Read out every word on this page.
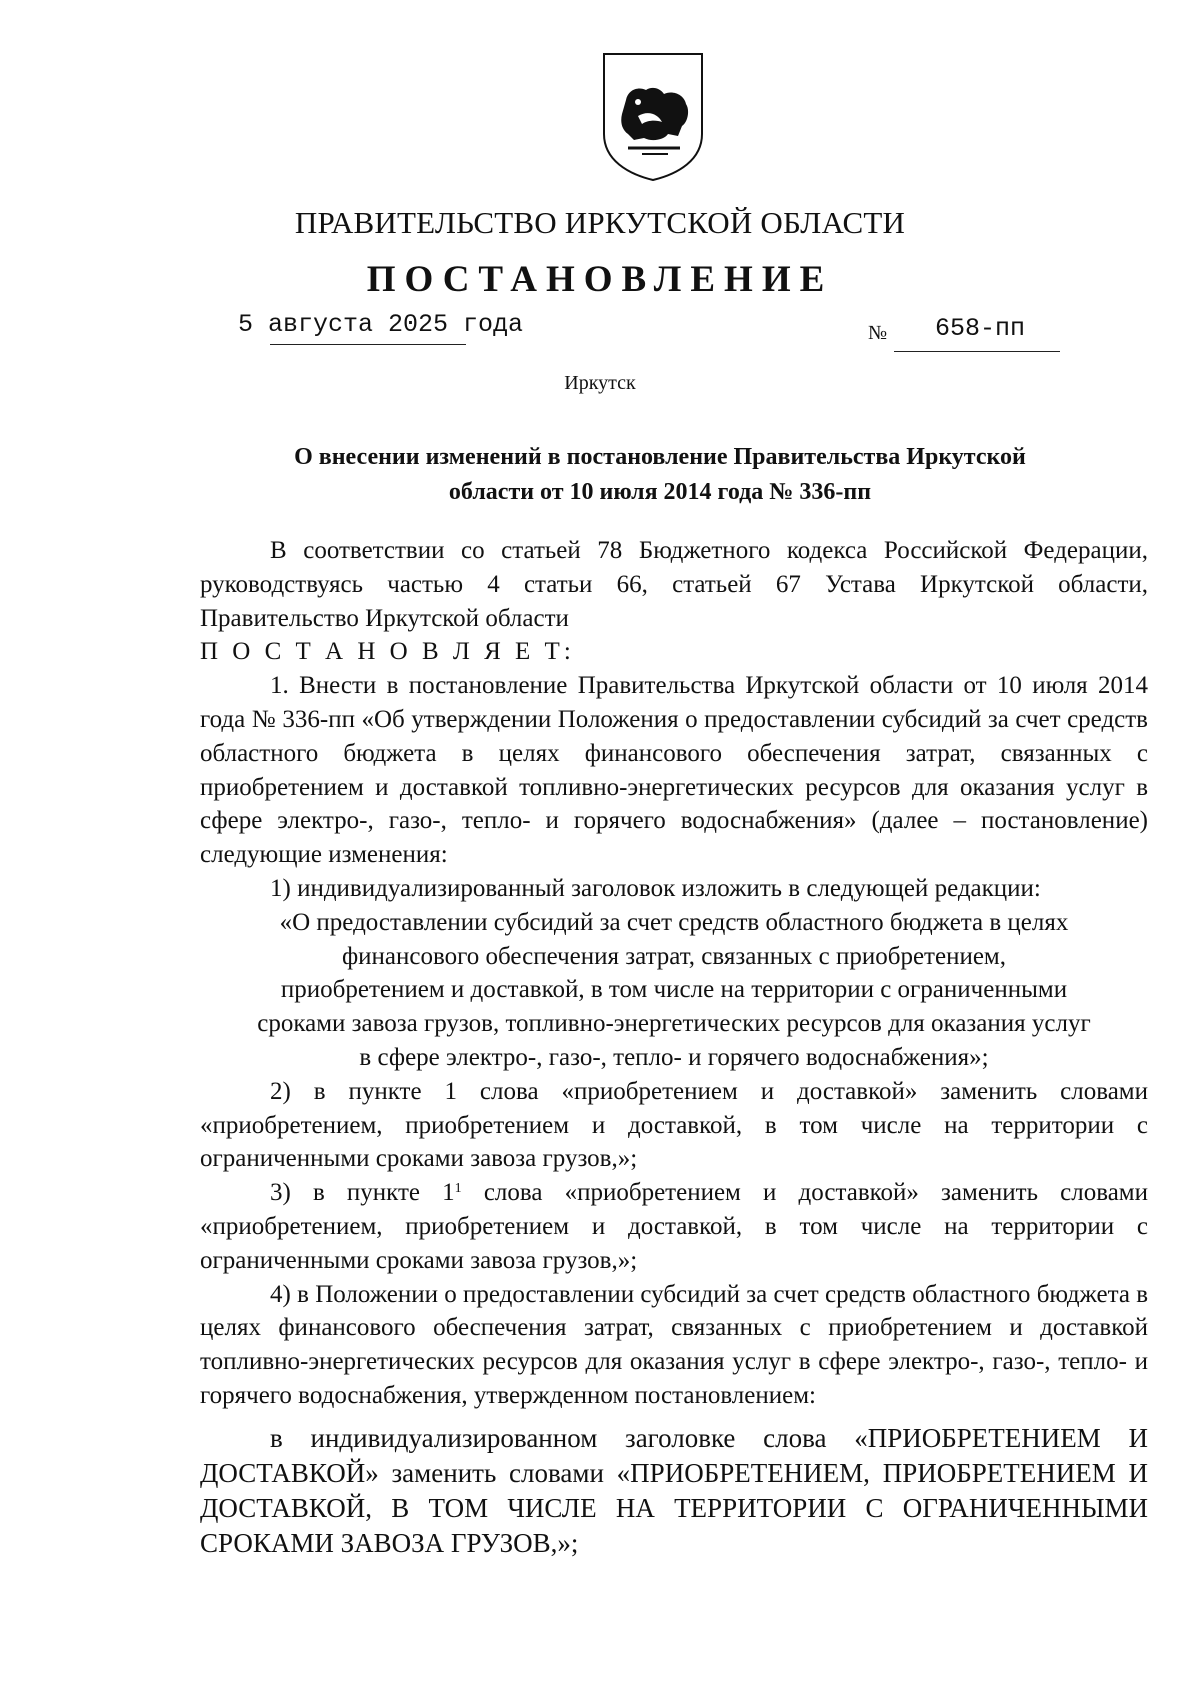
ПРАВИТЕЛЬСТВО ИРКУТСКОЙ ОБЛАСТИ
ПОСТАНОВЛЕНИЕ
5 августа 2025 года	№ 658-пп
Иркутск
О внесении изменений в постановление Правительства Иркутской
области от 10 июля 2014 года № 336-пп

В соответствии со статьей 78 Бюджетного кодекса Российской Федерации, руководствуясь частью 4 статьи 66, статьей 67 Устава Иркутской области, Правительство Иркутской области

П О С Т А Н О В Л Я Е Т:

1. Внести в постановление Правительства Иркутской области от 10 июля 2014 года № 336-пп «Об утверждении Положения о предоставлении субсидий за счет средств областного бюджета в целях финансового обеспечения затрат, связанных с приобретением и доставкой топливно-энергетических ресурсов для оказания услуг в сфере электро-, газо-, тепло- и горячего водоснабжения» (далее – постановление) следующие изменения:

1) индивидуализированный заголовок изложить в следующей редакции:

«О предоставлении субсидий за счет средств областного бюджета в целях
финансового обеспечения затрат, связанных с приобретением,
приобретением и доставкой, в том числе на территории с ограниченными
сроками завоза грузов, топливно-энергетических ресурсов для оказания услуг
в сфере электро-, газо-, тепло- и горячего водоснабжения»;

2) в пункте 1 слова «приобретением и доставкой» заменить словами «приобретением, приобретением и доставкой, в том числе на территории с ограниченными сроками завоза грузов,»;

3) в пункте $1^1$ слова «приобретением и доставкой» заменить словами «приобретением, приобретением и доставкой, в том числе на территории с ограниченными сроками завоза грузов,»;

4) в Положении о предоставлении субсидий за счет средств областного бюджета в целях финансового обеспечения затрат, связанных с приобретением и доставкой топливно-энергетических ресурсов для оказания услуг в сфере электро-, газо-, тепло- и горячего водоснабжения, утвержденном постановлением:

в индивидуализированном заголовке слова «ПРИОБРЕТЕНИЕМ И ДОСТАВКОЙ» заменить словами «ПРИОБРЕТЕНИЕМ, ПРИОБРЕТЕНИЕМ И ДОСТАВКОЙ, В ТОМ ЧИСЛЕ НА ТЕРРИТОРИИ С ОГРАНИЧЕННЫМИ СРОКАМИ ЗАВОЗА ГРУЗОВ,»;
